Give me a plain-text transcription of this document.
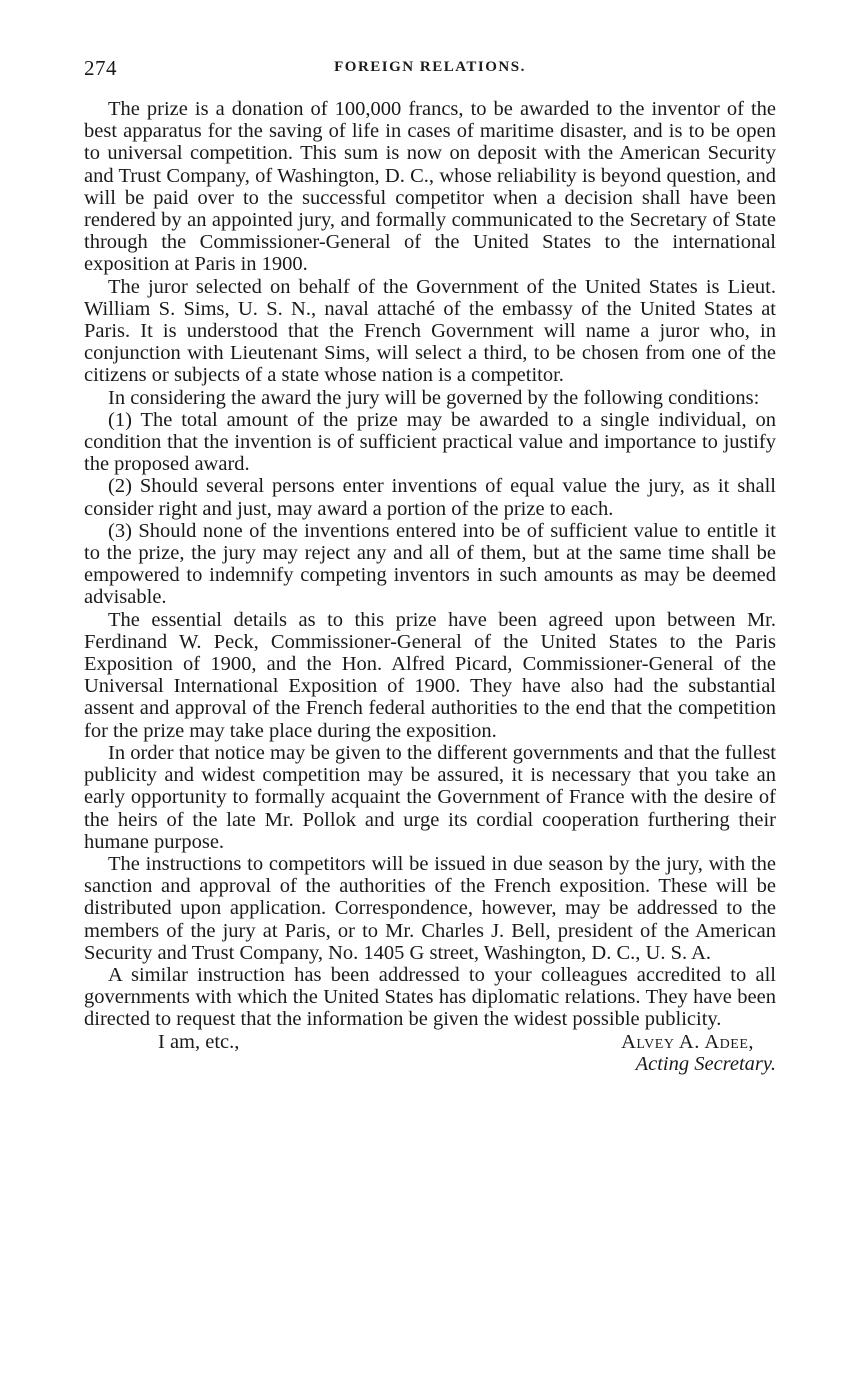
274	FOREIGN RELATIONS.

The prize is a donation of 100,000 francs, to be awarded to the inventor of the best apparatus for the saving of life in cases of maritime disaster, and is to be open to universal competition. This sum is now on deposit with the American Security and Trust Company, of Washington, D. C., whose reliability is beyond question, and will be paid over to the successful competitor when a decision shall have been rendered by an appointed jury, and formally communicated to the Secretary of State through the Commissioner-General of the United States to the international exposition at Paris in 1900.

The juror selected on behalf of the Government of the United States is Lieut. William S. Sims, U. S. N., naval attaché of the embassy of the United States at Paris. It is understood that the French Government will name a juror who, in conjunction with Lieutenant Sims, will select a third, to be chosen from one of the citizens or subjects of a state whose nation is a competitor.

In considering the award the jury will be governed by the following conditions:

(1) The total amount of the prize may be awarded to a single individual, on condition that the invention is of sufficient practical value and importance to justify the proposed award.

(2) Should several persons enter inventions of equal value the jury, as it shall consider right and just, may award a portion of the prize to each.

(3) Should none of the inventions entered into be of sufficient value to entitle it to the prize, the jury may reject any and all of them, but at the same time shall be empowered to indemnify competing inventors in such amounts as may be deemed advisable.

The essential details as to this prize have been agreed upon between Mr. Ferdinand W. Peck, Commissioner-General of the United States to the Paris Exposition of 1900, and the Hon. Alfred Picard, Commissioner-General of the Universal International Exposition of 1900. They have also had the substantial assent and approval of the French federal authorities to the end that the competition for the prize may take place during the exposition.

In order that notice may be given to the different governments and that the fullest publicity and widest competition may be assured, it is necessary that you take an early opportunity to formally acquaint the Government of France with the desire of the heirs of the late Mr. Pollok and urge its cordial cooperation furthering their humane purpose.

The instructions to competitors will be issued in due season by the jury, with the sanction and approval of the authorities of the French exposition. These will be distributed upon application. Correspondence, however, may be addressed to the members of the jury at Paris, or to Mr. Charles J. Bell, president of the American Security and Trust Company, No. 1405 G street, Washington, D. C., U. S. A.

A similar instruction has been addressed to your colleagues accredited to all governments with which the United States has diplomatic relations. They have been directed to request that the information be given the widest possible publicity.

I am, etc.,	Alvey A. Adee,
Acting Secretary.
